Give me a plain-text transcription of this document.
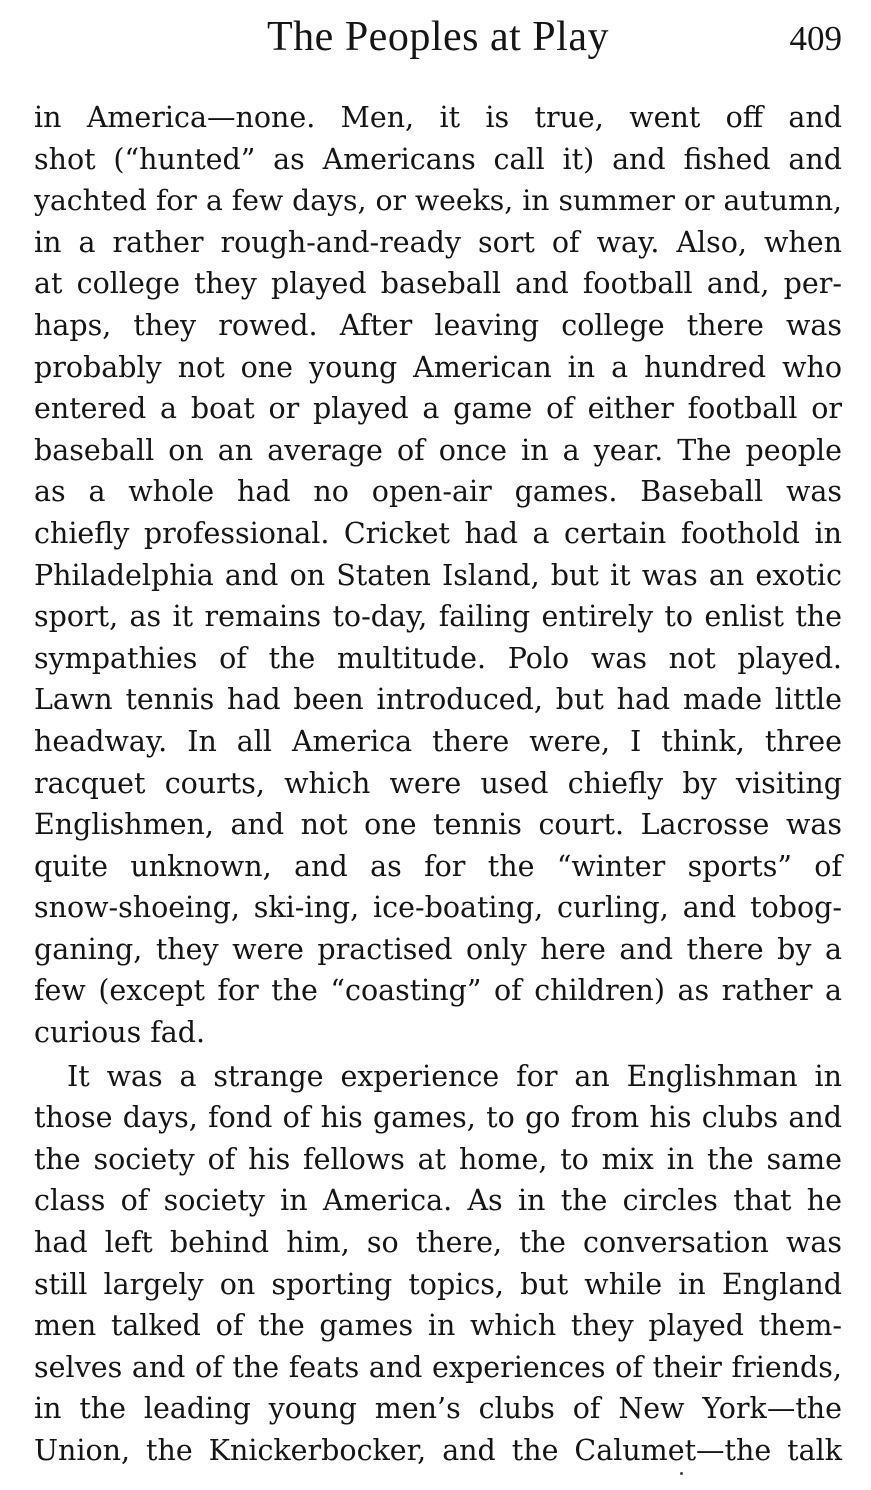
The Peoples at Play	409
in America—none. Men, it is true, went off and
shot (“hunted” as Americans call it) and fished and
yachted for a few days, or weeks, in summer or autumn,
in a rather rough-and-ready sort of way. Also, when
at college they played baseball and football and, per-
haps, they rowed. After leaving college there was
probably not one young American in a hundred who
entered a boat or played a game of either football or
baseball on an average of once in a year. The people
as a whole had no open-air games. Baseball was
chiefly professional. Cricket had a certain foothold in
Philadelphia and on Staten Island, but it was an exotic
sport, as it remains to-day, failing entirely to enlist the
sympathies of the multitude. Polo was not played.
Lawn tennis had been introduced, but had made little
headway. In all America there were, I think, three
racquet courts, which were used chiefly by visiting
Englishmen, and not one tennis court. Lacrosse was
quite unknown, and as for the “winter sports” of
snow-shoeing, ski-ing, ice-boating, curling, and tobog-
ganing, they were practised only here and there by a
few (except for the “coasting” of children) as rather a
curious fad.
It was a strange experience for an Englishman in
those days, fond of his games, to go from his clubs and
the society of his fellows at home, to mix in the same
class of society in America. As in the circles that he
had left behind him, so there, the conversation was
still largely on sporting topics, but while in England
men talked of the games in which they played them-
selves and of the feats and experiences of their friends,
in the leading young men’s clubs of New York—the
Union, the Knickerbocker, and the Calumet—the talk
